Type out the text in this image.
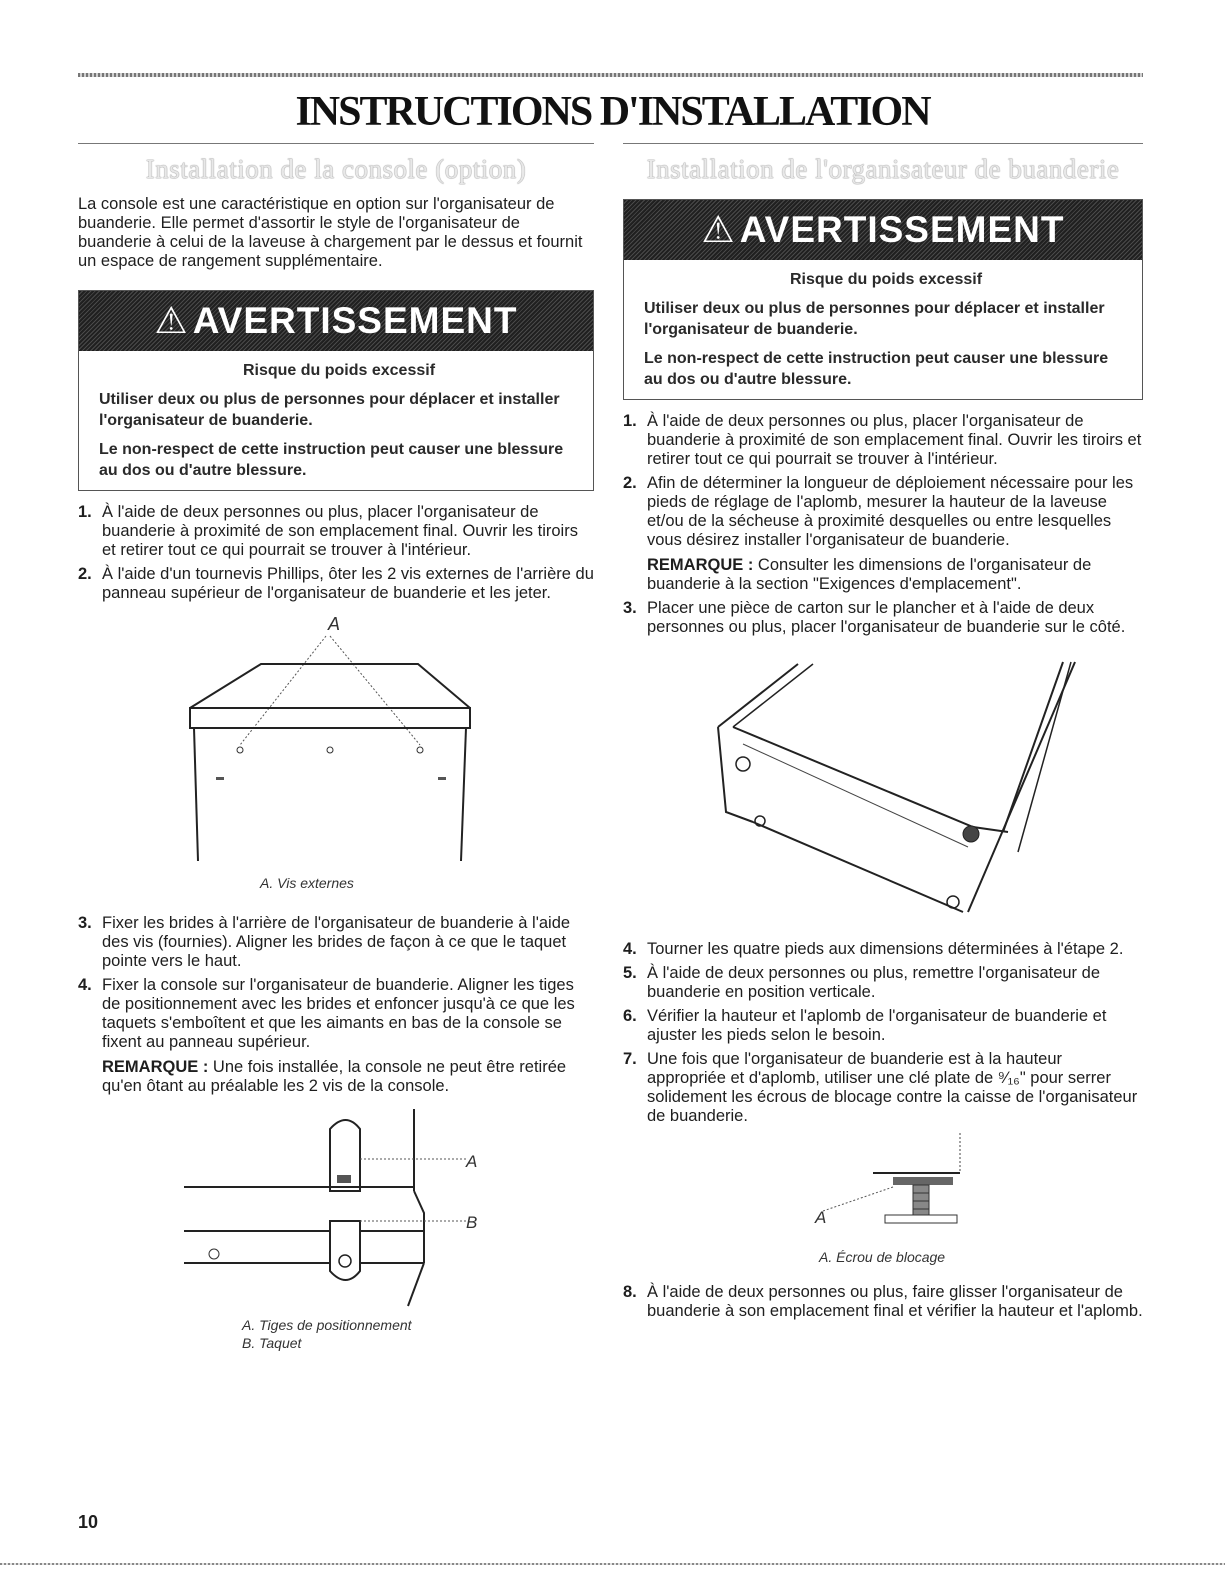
INSTRUCTIONS D'INSTALLATION
Installation de la console (option)

La console est une caractéristique en option sur l'organisateur de buanderie. Elle permet d'assortir le style de l'organisateur de buanderie à celui de la laveuse à chargement par le dessus et fournit un espace de rangement supplémentaire.

⚠ AVERTISSEMENT
Risque du poids excessif
Utiliser deux ou plus de personnes pour déplacer et installer l'organisateur de buanderie.
Le non-respect de cette instruction peut causer une blessure au dos ou d'autre blessure.
1. À l'aide de deux personnes ou plus, placer l'organisateur de buanderie à proximité de son emplacement final. Ouvrir les tiroirs et retirer tout ce qui pourrait se trouver à l'intérieur.
2. À l'aide d'un tournevis Phillips, ôter les 2 vis externes de l'arrière du panneau supérieur de l'organisateur de buanderie et les jeter.
A
A. Vis externes
3. Fixer les brides à l'arrière de l'organisateur de buanderie à l'aide des vis (fournies). Aligner les brides de façon à ce que le taquet pointe vers le haut.
4. Fixer la console sur l'organisateur de buanderie. Aligner les tiges de positionnement avec les brides et enfoncer jusqu'à ce que les taquets s'emboîtent et que les aimants en bas de la console se fixent au panneau supérieur.
REMARQUE : Une fois installée, la console ne peut être retirée qu'en ôtant au préalable les 2 vis de la console.
A
B
A. Tiges de positionnement
B. Taquet
Installation de l'organisateur de buanderie
⚠ AVERTISSEMENT
Risque du poids excessif
Utiliser deux ou plus de personnes pour déplacer et installer l'organisateur de buanderie.
Le non-respect de cette instruction peut causer une blessure au dos ou d'autre blessure.
1. À l'aide de deux personnes ou plus, placer l'organisateur de buanderie à proximité de son emplacement final. Ouvrir les tiroirs et retirer tout ce qui pourrait se trouver à l'intérieur.
2. Afin de déterminer la longueur de déploiement nécessaire pour les pieds de réglage de l'aplomb, mesurer la hauteur de la laveuse et/ou de la sécheuse à proximité desquelles ou entre lesquelles vous désirez installer l'organisateur de buanderie.
REMARQUE : Consulter les dimensions de l'organisateur de buanderie à la section "Exigences d'emplacement".
3. Placer une pièce de carton sur le plancher et à l'aide de deux personnes ou plus, placer l'organisateur de buanderie sur le côté.
4. Tourner les quatre pieds aux dimensions déterminées à l'étape 2.
5. À l'aide de deux personnes ou plus, remettre l'organisateur de buanderie en position verticale.
6. Vérifier la hauteur et l'aplomb de l'organisateur de buanderie et ajuster les pieds selon le besoin.
7. Une fois que l'organisateur de buanderie est à la hauteur appropriée et d'aplomb, utiliser une clé plate de ⁹⁄₁₆" pour serrer solidement les écrous de blocage contre la caisse de l'organisateur de buanderie.
A
A. Écrou de blocage
8. À l'aide de deux personnes ou plus, faire glisser l'organisateur de buanderie à son emplacement final et vérifier la hauteur et l'aplomb.
10
